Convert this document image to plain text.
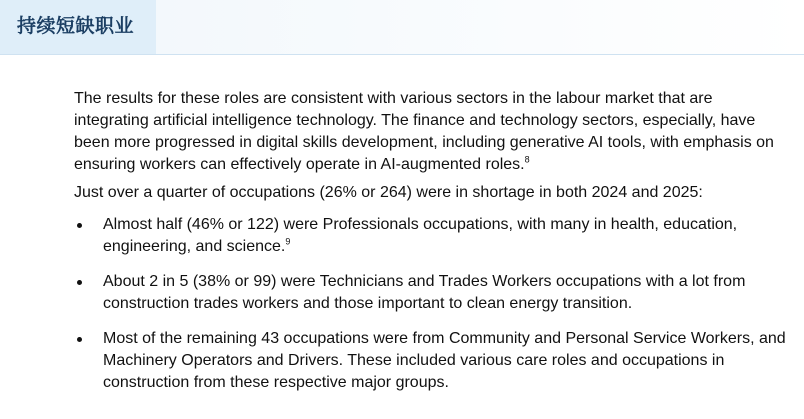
持续短缺职业

The results for these roles are consistent with various sectors in the labour market that are integrating artificial intelligence technology. The finance and technology sectors, especially, have been more progressed in digital skills development, including generative AI tools, with emphasis on ensuring workers can effectively operate in AI-augmented roles.$^8$

Just over a quarter of occupations (26% or 264) were in shortage in both 2024 and 2025:

Almost half (46% or 122) were Professionals occupations, with many in health, education, engineering, and science.$^9$
About 2 in 5 (38% or 99) were Technicians and Trades Workers occupations with a lot from construction trades workers and those important to clean energy transition.
Most of the remaining 43 occupations were from Community and Personal Service Workers, and Machinery Operators and Drivers. These included various care roles and occupations in construction from these respective major groups.
